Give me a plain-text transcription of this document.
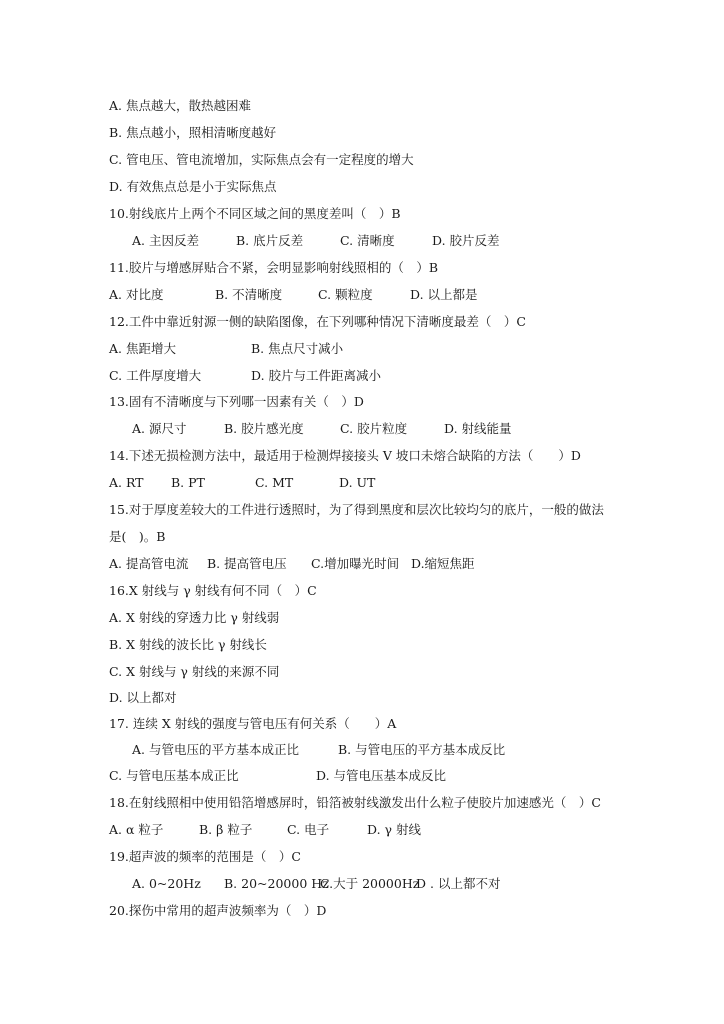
A. 焦点越大，散热越困难
B. 焦点越小，照相清晰度越好
C. 管电压、管电流增加，实际焦点会有一定程度的增大
D. 有效焦点总是小于实际焦点
10.射线底片上两个不同区域之间的黑度差叫（　）B

A. 主因反差

	B. 底片反差

	C. 清晰度

	D. 胶片反差

11.胶片与增感屏贴合不紧，会明显影响射线照相的（　）B

A. 对比度

	B. 不清晰度

	C. 颗粒度

	D. 以上都是

12.工件中靠近射源一侧的缺陷图像，在下列哪种情况下清晰度最差（　）C

A. 焦距增大

	B. 焦点尺寸减小

C. 工件厚度增大

	D. 胶片与工件距离减小

13.固有不清晰度与下列哪一因素有关（　）D

A. 源尺寸

	B. 胶片感光度

	C. 胶片粒度

	D. 射线能量

14.下述无损检测方法中，最适用于检测焊接接头 V 坡口未熔合缺陷的方法（　　）D

A. RT

B. PT

	C. MT

	D. UT

15.对于厚度差较大的工件进行透照时，为了得到黑度和层次比较均匀的底片，一般的做法
是(　)。B

A. 提高管电流

B. 提高管电压

C.增加曝光时间

D.缩短焦距

16.X 射线与 γ 射线有何不同（　）C
A. X 射线的穿透力比 γ 射线弱
B. X 射线的波长比 γ 射线长
C. X 射线与 γ 射线的来源不同
D. 以上都对
17. 连续 X 射线的强度与管电压有何关系（　　）A

A. 与管电压的平方基本成正比

	B. 与管电压的平方基本成反比

C. 与管电压基本成正比

	D. 与管电压基本成反比

18.在射线照相中使用铅箔增感屏时，铅箔被射线激发出什么粒子使胶片加速感光（　）C

A. α 粒子

	B. β 粒子

	C. 电子

	D. γ 射线

19.超声波的频率的范围是（　）C

A. 0~20Hz

B. 20~20000 Hz

C.大于 20000Hz

D . 以上都不对

20.探伤中常用的超声波频率为（　）D
